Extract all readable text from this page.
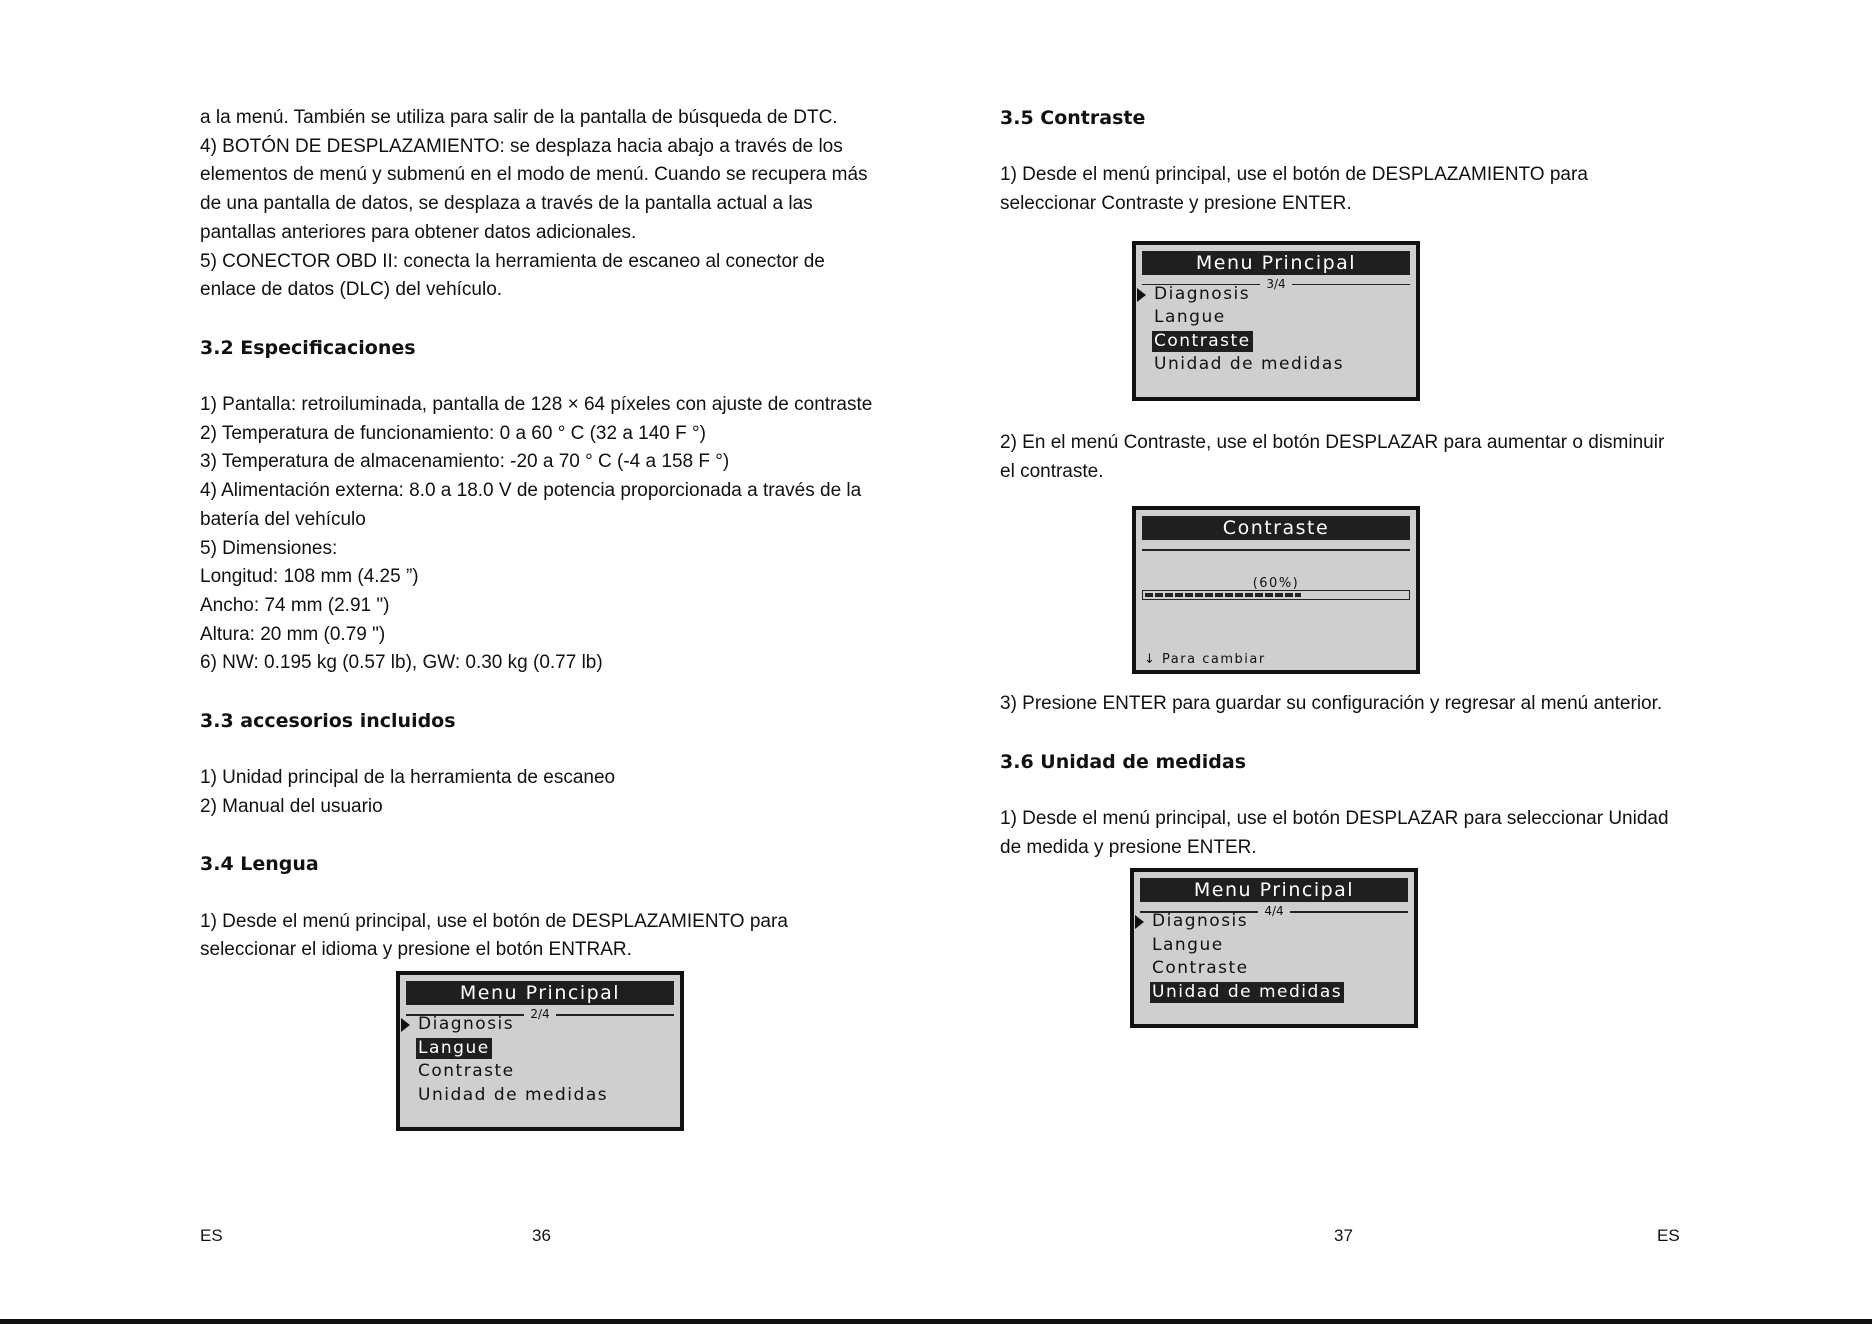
a la menú. También se utiliza para salir de la pantalla de búsqueda de DTC.

4) BOTÓN DE DESPLAZAMIENTO: se desplaza hacia abajo a través de los

elementos de menú y submenú en el modo de menú. Cuando se recupera más

de una pantalla de datos, se desplaza a través de la pantalla actual a las

pantallas anteriores para obtener datos adicionales.

5) CONECTOR OBD II: conecta la herramienta de escaneo al conector de

enlace de datos (DLC) del vehículo.

3.2 Especificaciones

1) Pantalla: retroiluminada, pantalla de 128 × 64 píxeles con ajuste de contraste

2) Temperatura de funcionamiento: 0 a 60 ° C (32 a 140 F °)

3) Temperatura de almacenamiento: -20 a 70 ° C (-4 a 158 F °)

4) Alimentación externa: 8.0 a 18.0 V de potencia proporcionada a través de la

batería del vehículo

5) Dimensiones:

Longitud: 108 mm (4.25 ”)

Ancho: 74 mm (2.91 ")

Altura: 20 mm (0.79 ")

6) NW: 0.195 kg (0.57 lb), GW: 0.30 kg (0.77 lb)

3.3 accesorios incluidos

1) Unidad principal de la herramienta de escaneo

2) Manual del usuario

3.4 Lengua

1) Desde el menú principal, use el botón de DESPLAZAMIENTO para

seleccionar el idioma y presione el botón ENTRAR.

Menu Principal
2/4
Diagnosis
Langue
Contraste
Unidad de medidas
ES	36
3.5 Contraste

1) Desde el menú principal, use el botón de DESPLAZAMIENTO para

seleccionar Contraste y presione ENTER.

Menu Principal
3/4
Diagnosis
Langue
Contraste
Unidad de medidas

2) En el menú Contraste, use el botón DESPLAZAR para aumentar o disminuir

el contraste.

Contraste
(60%)
↓ Para cambiar

3) Presione ENTER para guardar su configuración y regresar al menú anterior.

3.6 Unidad de medidas

1) Desde el menú principal, use el botón DESPLAZAR para seleccionar Unidad

de medida y presione ENTER.

Menu Principal
4/4
Diagnosis
Langue
Contraste
Unidad de medidas
37	ES
